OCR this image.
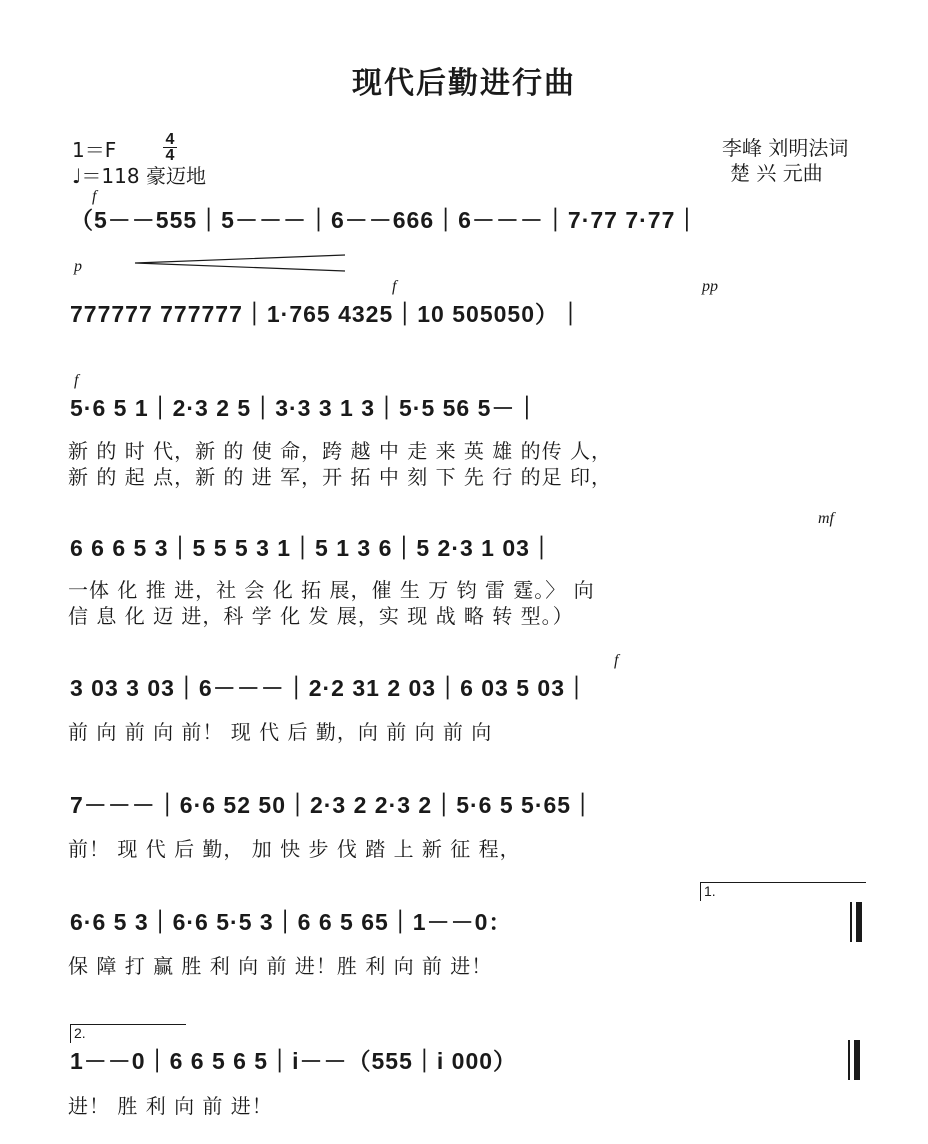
现代后勤进行曲
1＝F	4
4
♩＝118 豪迈地
李峰 刘明法词
楚 兴 元曲
f
p
f	pp
f
mf
f
（5－－555｜5－－－｜6－－666｜6－－－｜7·77 7·77｜
777777 777777｜1·765 4325｜10 505050）｜
5·6 5 1｜2·3 2 5｜3·3 3 1 3｜5·5 56 5－｜
6 6 6 5 3｜5 5 5 3 1｜5 1 3 6｜5 2·3 1 03｜
3 03 3 03｜6－－－｜2·2 31 2 03｜6 03 5 03｜
7－－－｜6·6 52 50｜2·3 2 2·3 2｜5·6 5 5·65｜
6·6 5 3｜6·6 5·5 3｜6 6 5 65｜1－－0：
1－－0｜6 6 5 6 5｜i－－（555｜i 000）
新 的 时 代，新 的 使 命，跨 越 中 走 来 英 雄 的传 人，
新 的 起 点，新 的 进 军，开 拓 中 刻 下 先 行 的足 印，
一体 化 推 进，社 会 化 拓 展，催 生 万 钧 雷 霆。〉 向
信 息 化 迈 进，科 学 化 发 展，实 现 战 略 转 型。）
前 向 前 向 前！ 现 代 后 勤，向 前 向 前 向
前！ 现 代 后 勤， 加 快 步 伐 踏 上 新 征 程，
保 障 打 赢 胜 利 向 前 进！胜 利 向 前 进！
进！ 胜 利 向 前 进！
1.
2.
